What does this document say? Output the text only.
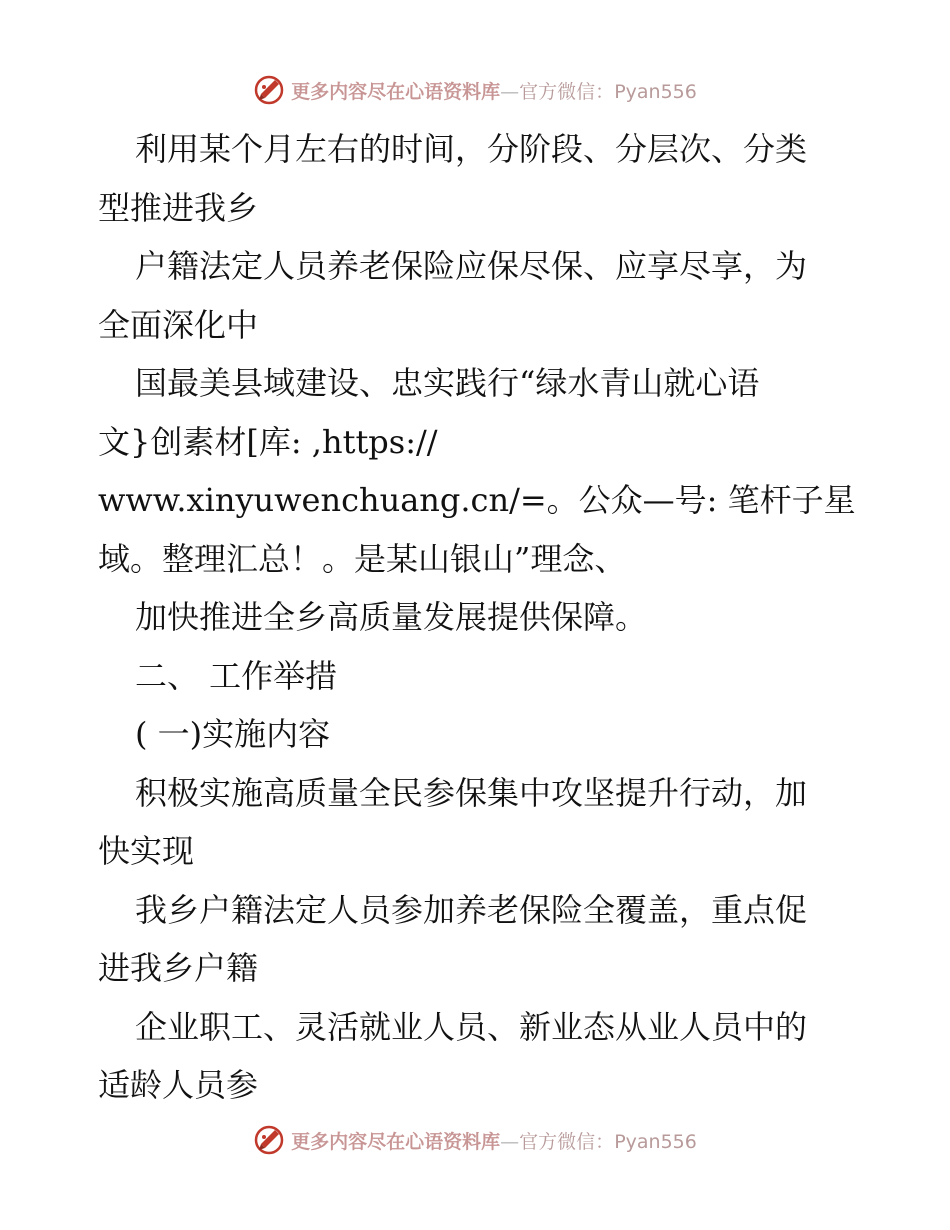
更多内容尽在心语资料库—官方微信：Pyan556
利用某个月左右的时间，分阶段、分层次、分类
型推进我乡
户籍法定人员养老保险应保尽保、应享尽享，为
全面深化中
国最美县域建设、忠实践行“绿水青山就心语
文}创素材[库: ,https://
www.xinyuwenchuang.cn/=。公众—号: 笔杆子星
域。整理汇总！。是某山银山”理念、
加快推进全乡高质量发展提供保障。
二、 工作举措
( 一)实施内容
积极实施高质量全民参保集中攻坚提升行动，加
快实现
我乡户籍法定人员参加养老保险全覆盖，重点促
进我乡户籍
企业职工、灵活就业人员、新业态从业人员中的
适龄人员参
更多内容尽在心语资料库—官方微信：Pyan556
